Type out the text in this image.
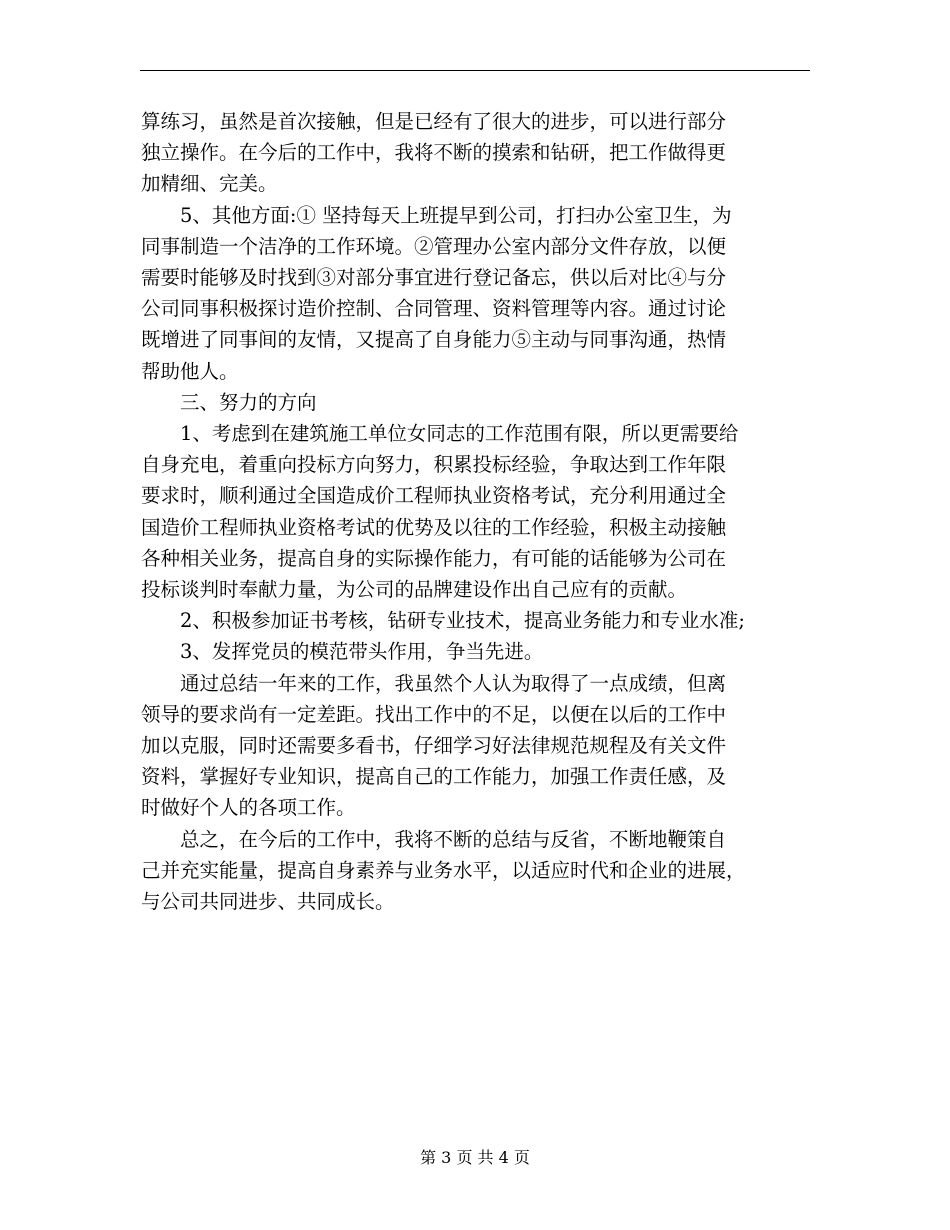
算练习，虽然是首次接触，但是已经有了很大的进步，可以进行部分
独立操作。在今后的工作中，我将不断的摸索和钻研，把工作做得更
加精细、完美。

5、其他方面:① 坚持每天上班提早到公司，打扫办公室卫生，为
同事制造一个洁净的工作环境。②管理办公室内部分文件存放，以便
需要时能够及时找到③对部分事宜进行登记备忘，供以后对比④与分
公司同事积极探讨造价控制、合同管理、资料管理等内容。通过讨论
既增进了同事间的友情，又提高了自身能力⑤主动与同事沟通，热情
帮助他人。

三、努力的方向

1、考虑到在建筑施工单位女同志的工作范围有限，所以更需要给
自身充电，着重向投标方向努力，积累投标经验，争取达到工作年限
要求时，顺利通过全国造成价工程师执业资格考试，充分利用通过全
国造价工程师执业资格考试的优势及以往的工作经验，积极主动接触
各种相关业务，提高自身的实际操作能力，有可能的话能够为公司在
投标谈判时奉献力量，为公司的品牌建设作出自己应有的贡献。

2、积极参加证书考核，钻研专业技术，提高业务能力和专业水准;

3、发挥党员的模范带头作用，争当先进。

通过总结一年来的工作，我虽然个人认为取得了一点成绩，但离
领导的要求尚有一定差距。找出工作中的不足，以便在以后的工作中
加以克服，同时还需要多看书，仔细学习好法律规范规程及有关文件
资料，掌握好专业知识，提高自己的工作能力，加强工作责任感，及
时做好个人的各项工作。

总之，在今后的工作中，我将不断的总结与反省，不断地鞭策自
己并充实能量，提高自身素养与业务水平，以适应时代和企业的进展，
与公司共同进步、共同成长。

第 3 页 共 4 页
